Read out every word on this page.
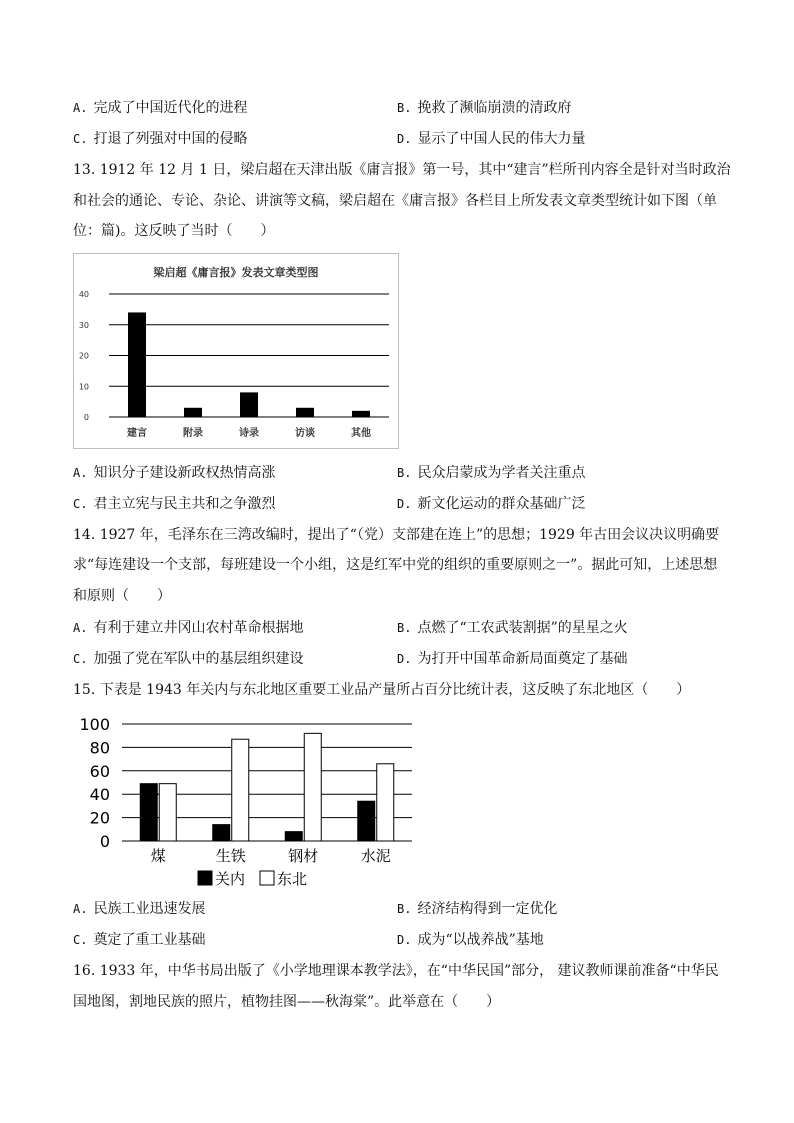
A. 完成了中国近代化的进程	B. 挽救了濒临崩溃的清政府
C. 打退了列强对中国的侵略	D. 显示了中国人民的伟大力量
13. 1912 年 12 月 1 日，梁启超在天津出版《庸言报》第一号，其中“建言”栏所刊内容全是针对当时政治
和社会的通论、专论、杂论、讲演等文稿，梁启超在《庸言报》各栏目上所发表文章类型统计如下图（单
位：篇)。这反映了当时（　　）
梁启超《庸言报》发表文章类型图
0
10
20
30
40
建言	附录	诗录	访谈	其他
A. 知识分子建设新政权热情高涨	B. 民众启蒙成为学者关注重点
C. 君主立宪与民主共和之争激烈	D. 新文化运动的群众基础广泛
14. 1927 年，毛泽东在三湾改编时，提出了“（党）支部建在连上”的思想；1929 年古田会议决议明确要
求“每连建设一个支部，每班建设一个小组，这是红军中党的组织的重要原则之一”。据此可知，上述思想
和原则（　　）
A. 有利于建立井冈山农村革命根据地	B. 点燃了“工农武装割据”的星星之火
C. 加强了党在军队中的基层组织建设	D. 为打开中国革命新局面奠定了基础
15. 下表是 1943 年关内与东北地区重要工业品产量所占百分比统计表，这反映了东北地区（　　）
0
20
40
60
80
100
煤	生铁	钢材	水泥
关内 东北
A. 民族工业迅速发展	B. 经济结构得到一定优化
C. 奠定了重工业基础	D. 成为“以战养战”基地
16. 1933 年，中华书局出版了《小学地理课本教学法》，在“中华民国”部分， 建议教师课前准备“中华民
国地图，割地民族的照片，植物挂图——秋海棠”。此举意在（　　）
